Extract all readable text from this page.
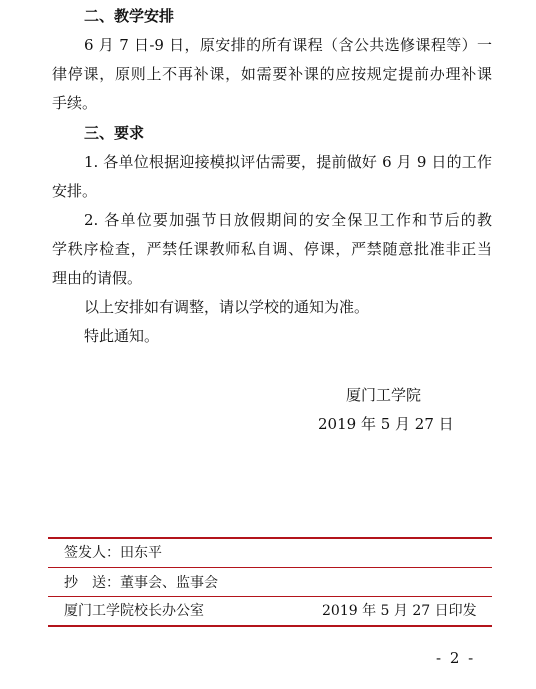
二、教学安排
6 月 7 日-9 日，原安排的所有课程（含公共选修课程等）一
律停课，原则上不再补课，如需要补课的应按规定提前办理补课
手续。
三、要求
1. 各单位根据迎接模拟评估需要，提前做好 6 月 9 日的工作
安排。
2. 各单位要加强节日放假期间的安全保卫工作和节后的教
学秩序检查，严禁任课教师私自调、停课，严禁随意批准非正当
理由的请假。
以上安排如有调整，请以学校的通知为准。
特此通知。
厦门工学院
2019 年 5 月 27 日
签发人：田东平
抄　送：董事会、监事会
厦门工学院校长办公室	2019 年 5 月 27 日印发
- 2 -
